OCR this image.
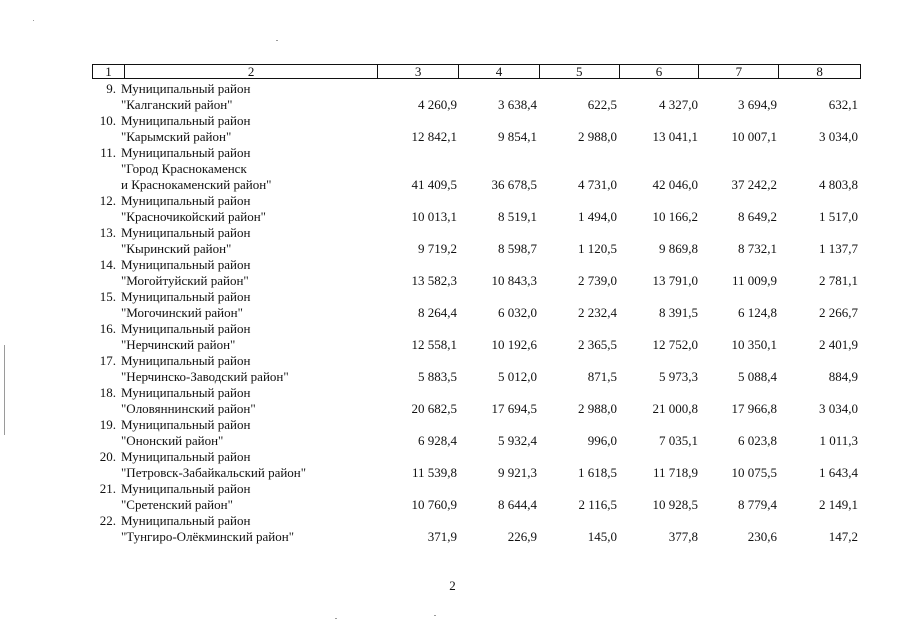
1	2	3	4	5	6	7	8
9. Муниципальный район
"Калганский район"	4 260,9	3 638,4	622,5	4 327,0	3 694,9	632,1
10. Муниципальный район
"Карымский район"	12 842,1	9 854,1	2 988,0	13 041,1	10 007,1	3 034,0
11. Муниципальный район
"Город Краснокаменск
и Краснокаменский район"	41 409,5	36 678,5	4 731,0	42 046,0	37 242,2	4 803,8
12. Муниципальный район
"Красночикойский район"	10 013,1	8 519,1	1 494,0	10 166,2	8 649,2	1 517,0
13. Муниципальный район
"Кыринский район"	9 719,2	8 598,7	1 120,5	9 869,8	8 732,1	1 137,7
14. Муниципальный район
"Могойтуйский район"	13 582,3	10 843,3	2 739,0	13 791,0	11 009,9	2 781,1
15. Муниципальный район
"Могочинский район"	8 264,4	6 032,0	2 232,4	8 391,5	6 124,8	2 266,7
16. Муниципальный район
"Нерчинский район"	12 558,1	10 192,6	2 365,5	12 752,0	10 350,1	2 401,9
17. Муниципальный район
"Нерчинско-Заводский район"	5 883,5	5 012,0	871,5	5 973,3	5 088,4	884,9
18. Муниципальный район
"Оловяннинский район"	20 682,5	17 694,5	2 988,0	21 000,8	17 966,8	3 034,0
19. Муниципальный район
"Ононский район"	6 928,4	5 932,4	996,0	7 035,1	6 023,8	1 011,3
20. Муниципальный район
"Петровск-Забайкальский район"	11 539,8	9 921,3	1 618,5	11 718,9	10 075,5	1 643,4
21. Муниципальный район
"Сретенский район"	10 760,9	8 644,4	2 116,5	10 928,5	8 779,4	2 149,1
22. Муниципальный район
"Тунгиро-Олёкминский район"	371,9	226,9	145,0	377,8	230,6	147,2
2
